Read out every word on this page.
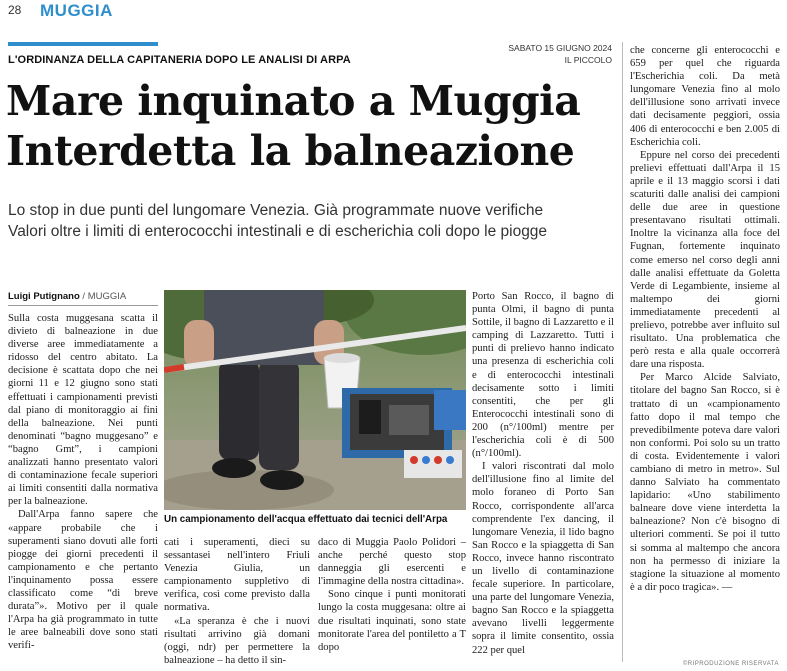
28 MUGGIA
L'ORDINANZA DELLA CAPITANERIA DOPO LE ANALISI DI ARPA
SABATO 15 GIUGNO 2024
IL PICCOLO
Mare inquinato a Muggia
Interdetta la balneazione
Lo stop in due punti del lungomare Venezia. Già programmate nuove verifiche
Valori oltre i limiti di enterococchi intestinali e di escherichia coli dopo le piogge
Luigi Putignano / MUGGIA

Sulla costa muggesana scatta il divieto di balneazione in due diverse aree immediatamente a ridosso del centro abitato. La decisione è scattata dopo che nei giorni 11 e 12 giugno sono stati effettuati i campionamenti previsti dal piano di monitoraggio ai fini della balneazione. Nei punti denominati “bagno muggesano” e “bagno Gmt”, i campioni analizzati hanno presentato valori di contaminazione fecale superiori ai limiti consentiti dalla normativa per la balneazione.

Dall'Arpa fanno sapere che «appare probabile che i superamenti siano dovuti alle forti piogge dei giorni precedenti il campionamento e che pertanto l'inquinamento possa essere classificato come “di breve durata”». Motivo per il quale l'Arpa ha già programmato in tutte le aree balneabili dove sono stati verifi-

Un campionamento dell'acqua effettuato dai tecnici dell'Arpa

cati i superamenti, dieci su sessantasei nell'intero Friuli Venezia Giulia, un campionamento suppletivo di verifica, così come previsto dalla normativa.

«La speranza è che i nuovi risultati arrivino già domani (oggi, ndr) per permettere la balneazione – ha detto il sin-

daco di Muggia Paolo Polidori – anche perché questo stop danneggia gli esercenti e l'immagine della nostra cittadina».

Sono cinque i punti monitorati lungo la costa muggesana: oltre ai due risultati inquinati, sono state monitorate l'area del pontiletto a T dopo

Porto San Rocco, il bagno di punta Olmi, il bagno di punta Sottile, il bagno di Lazzaretto e il camping di Lazzaretto. Tutti i punti di prelievo hanno indicato una presenza di escherichia coli e di enterococchi intestinali decisamente sotto i limiti consentiti, che per gli Enterococchi intestinali sono di 200 (n°/100ml) mentre per l'escherichia coli è di 500 (n°/100ml).

I valori riscontrati dal molo dell'illusione fino al limite del molo foraneo di Porto San Rocco, corrispondente all'arca comprendente l'ex dancing, il lungomare Venezia, il lido bagno San Rocco e la spiaggetta di San Rocco, invece hanno riscontrato un livello di contaminazione fecale superiore. In particolare, una parte del lungomare Venezia, bagno San Rocco e la spiaggetta avevano livelli leggermente sopra il limite consentito, ossia 222 per quel

che concerne gli enterococchi e 659 per quel che riguarda l'Escherichia coli. Da metà lungomare Venezia fino al molo dell'illusione sono arrivati invece dati decisamente peggiori, ossia 406 di enterococchi e ben 2.005 di Escherichia coli.

Eppure nel corso dei precedenti prelievi effettuati dall'Arpa il 15 aprile e il 13 maggio scorsi i dati scaturiti dalle analisi dei campioni delle due aree in questione presentavano risultati ottimali. Inoltre la vicinanza alla foce del Fugnan, fortemente inquinato come emerso nel corso degli anni dalle analisi effettuate da Goletta Verde di Legambiente, insieme al maltempo dei giorni immediatamente precedenti al prelievo, potrebbe aver influito sul risultato. Una problematica che però resta e alla quale occorrerà dare una risposta.

Per Marco Alcide Salviato, titolare del bagno San Rocco, si è trattato di un «campionamento fatto dopo il mal tempo che prevedibilmente poteva dare valori non conformi. Poi solo su un tratto di costa. Evidentemente i valori cambiano di metro in metro». Sul danno Salviato ha commentato lapidario: «Uno stabilimento balneare dove viene interdetta la balneazione? Non c'è bisogno di ulteriori commenti. Se poi il tutto si somma al maltempo che ancora non ha permesso di iniziare la stagione la situazione al momento è a dir poco tragica». —

©RIPRODUZIONE RISERVATA
